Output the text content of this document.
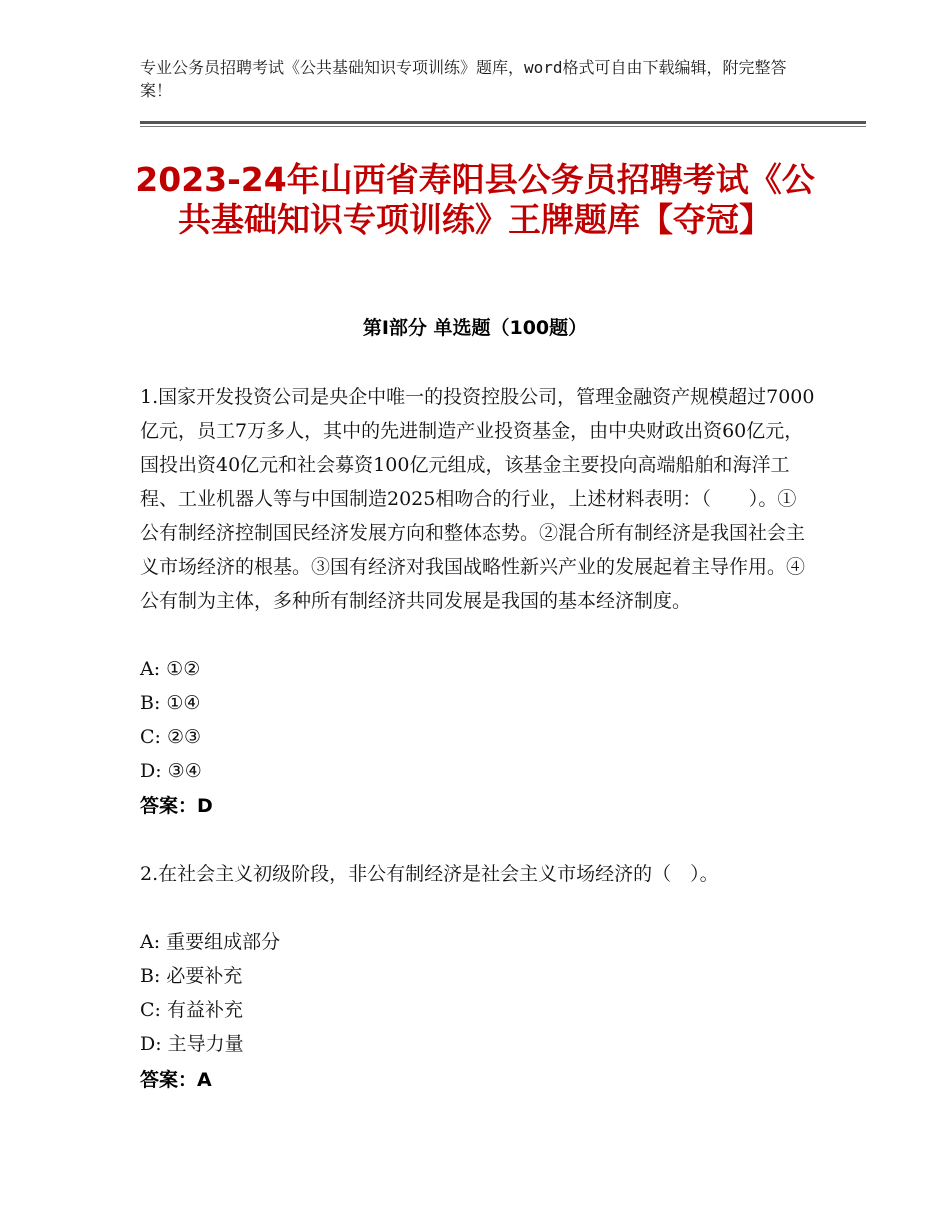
专业公务员招聘考试《公共基础知识专项训练》题库，word格式可自由下载编辑，附完整答案！
2023-24年山西省寿阳县公务员招聘考试《公共基础知识专项训练》王牌题库【夺冠】
第Ⅰ部分 单选题（100题）
1.国家开发投资公司是央企中唯一的投资控股公司，管理金融资产规模超过7000亿元，员工7万多人，其中的先进制造产业投资基金，由中央财政出资60亿元，国投出资40亿元和社会募资100亿元组成，该基金主要投向高端船舶和海洋工程、工业机器人等与中国制造2025相吻合的行业，上述材料表明：（　　）。①公有制经济控制国民经济发展方向和整体态势。②混合所有制经济是我国社会主义市场经济的根基。③国有经济对我国战略性新兴产业的发展起着主导作用。④公有制为主体，多种所有制经济共同发展是我国的基本经济制度。
A: ①②
B: ①④
C: ②③
D: ③④
答案：D
2.在社会主义初级阶段，非公有制经济是社会主义市场经济的（　）。
A: 重要组成部分
B: 必要补充
C: 有益补充
D: 主导力量
答案：A
